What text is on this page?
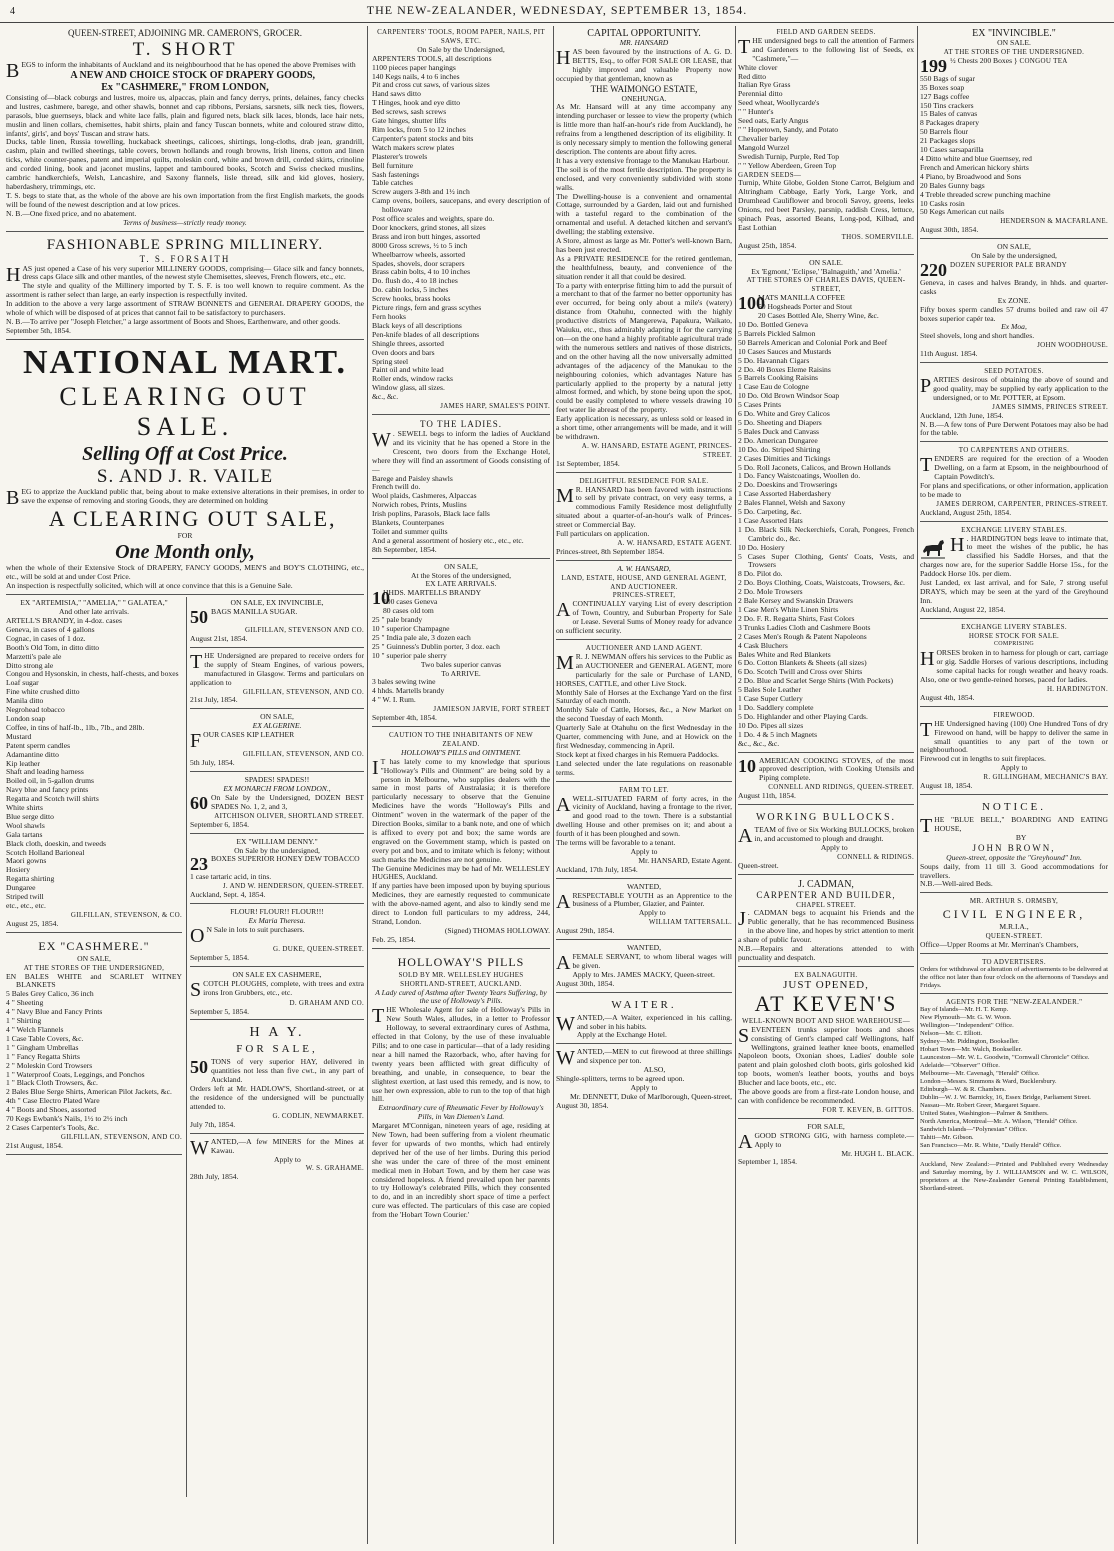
4	THE NEW-ZEALANDER, WEDNESDAY, SEPTEMBER 13, 1854.

QUEEN-STREET, ADJOINING MR. CAMERON'S, GROCER.

T. SHORT

BEGS to inform the inhabitants of Auckland and its neighbourhood that he has opened the above Premises with

A NEW AND CHOICE STOCK OF DRAPERY GOODS,

Ex "CASHMERE," FROM LONDON,

Consisting of—black coburgs and lustres, moire us, alpaccas, plain and fancy derrys, prints, delaines, fancy checks and lustres, cashmere, barege, and other shawls, bonnet and cap ribbons, Persians, sarsnets, silk neck ties, flowers, parasols, blue guernseys, black and white lace falls, plain and figured nets, black silk laces, blonds, lace hair nets, muslin and linen collars, chemisettes, habit shirts, plain and fancy Tuscan bonnets, white and coloured straw ditto, infants', girls', and boys' Tuscan and straw hats.

Ducks, table linen, Russia towelling, huckaback sheetings, calicoes, shirtings, long-cloths, drab jean, grandrill, cashm, plain and twilled sheetings, table covers, brown hollands and rough browns, Irish linens, cotton and linen ticks, white counter-panes, patent and imperial quilts, moleskin cord, white and brown drill, corded skirts, crinoline and corded lining, book and jaconet muslins, lappet and tamboured books, Scotch and Swiss checked muslins, cambric handkerchiefs, Welsh, Lancashire, and Saxony flannels, lisle thread, silk and kid gloves, hosiery, haberdashery, trimmings, etc.

T. S. begs to state that, as the whole of the above are his own importation from the first English markets, the goods will be found of the newest description and at low prices.

N. B.—One fixed price, and no abatement.

Terms of business—strictly ready money.

FASHIONABLE SPRING MILLINERY.

T. S. FORSAITH

HAS just opened a Case of his very superior MILLINERY GOODS, comprising— Glace silk and fancy bonnets, dress caps Glace silk and other mantles, of the newest style Chemisettes, sleeves, French flowers, etc., etc.

The style and quality of the Millinery imported by T. S. F. is too well known to require comment. As the assortment is rather select than large, an early inspection is respectfully invited.

In addition to the above a very large assortment of STRAW BONNETS and GENERAL DRAPERY GOODS, the whole of which will be disposed of at prices that cannot fail to be satisfactory to purchasers.

N. B.—To arrive per "Joseph Fletcher," a large assortment of Boots and Shoes, Earthenware, and other goods.

September 5th, 1854.

NATIONAL MART.

CLEARING OUT SALE.

Selling Off at Cost Price.

S. AND J. R. VAILE

BEG to apprize the Auckland public that, being about to make extensive alterations in their premises, in order to save the expense of removing and storing Goods, they are determined on holding

A CLEARING OUT SALE,

FOR

One Month only,

when the whole of their Extensive Stock of DRAPERY, FANCY GOODS, MEN'S and BOY'S CLOTHING, etc., etc., will be sold at and under Cost Price.

An inspection is respectfully solicited, which will at once convince that this is a Genuine Sale.

EX "ARTEMISIA," "AMELIA," " GALATEA,"

And other late arrivals.

ARTELL'S BRANDY, in 4-doz. cases
Geneva, in cases of 4 gallons
Cognac, in cases of 1 doz.
Booth's Old Tom, in ditto ditto
Marzetti's pale ale
Ditto strong ale
Congou and Hysonskin, in chests, half-chests, and boxes
Loaf sugar
Fine white crushed ditto
Manila ditto
Negrohead tobacco
London soap
Coffee, in tins of half-lb., 1lb., 7lb., and 28lb.
Mustard
Patent sperm candles
Adamantine ditto
Kip leather
Shaft and leading harness
Boiled oil, in 5-gallon drums
Navy blue and fancy prints
Regatta and Scotch twill shirts
White shirts
Blue serge ditto
Wool shawls
Gala tartans
Black cloth, doeskin, and tweeds
Scotch Holland Barioneal
Maori gowns
Hosiery
Regatta shirting
Dungaree
Striped twill
etc., etc., etc.

GILFILLAN, STEVENSON, & CO.

August 25, 1854.

EX "CASHMERE."

ON SALE,

AT THE STORES OF THE UNDERSIGNED,

EN BALES WHITE and SCARLET WITNEY BLANKETS
5 Bales Grey Calico, 36 inch
4 " Sheeting
4 " Navy Blue and Fancy Prints
1 " Shirting
4 " Welch Flannels
1 Case Table Covers, &c.
1 " Gingham Umbrellas
1 " Fancy Regatta Shirts
2 " Moleskin Cord Trowsers
1 " Waterproof Coats, Leggings, and Ponchos
1 " Black Cloth Trowsers, &c.
2 Bales Blue Serge Shirts, American Pilot Jackets, &c.
4th " Case Electro Plated Ware
4 " Boots and Shoes, assorted
70 Kegs Ewbank's Nails, 1½ to 2½ inch
2 Cases Carpenter's Tools, &c.

GILFILLAN, STEVENSON, AND CO.

21st August, 1854.

ON SALE, EX INVINCIBLE,

50 BAGS MANILLA SUGAR.

GILFILLAN, STEVENSON AND CO.

August 21st, 1854.

THE Undersigned are prepared to receive orders for the supply of Steam Engines, of various powers, manufactured in Glasgow. Terms and particulars on application to

GILFILLAN, STEVENSON, AND CO.

21st July, 1854.

ON SALE,

EX ALGERINE.

FOUR CASES KIP LEATHER

GILFILLAN, STEVENSON, AND CO.

5th July, 1854.

SPADES! SPADES!!

EX MONARCH FROM LONDON.,

60 On Sale by the Undersigned, DOZEN BEST SPADES No. 1, 2, and 3,

AITCHISON OLIVER, SHORTLAND STREET.

September 6, 1854.

EX "WILLIAM DENNY."

On Sale by the undersigned,

23 BOXES SUPERIOR HONEY DEW TOBACCO

1 case tartaric acid, in tins.

J. AND W. HENDERSON, QUEEN-STREET.

Auckland, Sept. 4, 1854.

FLOUR! FLOUR!! FLOUR!!!

Ex Maria Theresa.

O N Sale in lots to suit purchasers.

G. DUKE, QUEEN-STREET.

September 5, 1854.

ON SALE EX CASHMERE,

SCOTCH PLOUGHS, complete, with trees and extra irons Iron Grubbers, etc., etc.

D. GRAHAM AND CO.

September 5, 1854.

H A Y.

FOR SALE,

50 TONS of very superior HAY, delivered in quantities not less than five cwt., in any part of Auckland.

Orders left at Mr. HADLOW'S, Shortland-street, or at the residence of the undersigned will be punctually attended to.

G. CODLIN, NEWMARKET.

July 7th, 1854.

WANTED,—A few MINERS for the Mines at Kawau.

Apply to

W. S. GRAHAME.

28th July, 1854.

CARPENTERS' TOOLS, ROOM PAPER, NAILS, PIT SAWS, ETC.

On Sale by the Undersigned,

ARPENTERS TOOLS, all descriptions
1100 pieces paper hangings
140 Kegs nails, 4 to 6 inches
Pit and cross cut saws, of various sizes
Hand saws ditto
T Hinges, hook and eye ditto
Bed screws, sash screws
Gate hinges, shutter lifts
Rim locks, from 5 to 12 inches
Carpenter's patent stocks and bits
Watch makers screw plates
Plasterer's trowels
Bell furniture
Sash fastenings
Table catches
Screw augers 3-8th and 1½ inch
Camp ovens, boilers, saucepans, and every description of holloware
Post office scales and weights, spare do.
Door knockers, grind stones, all sizes
Brass and iron butt hinges, assorted
8000 Gross screws, ½ to 5 inch
Wheelbarrow wheels, assorted
Spades, shovels, door scrapers
Brass cabin bolts, 4 to 10 inches
Do. flush do., 4 to 18 inches
Do. cabin locks, 5 inches
Screw hooks, brass hooks
Picture rings, fern and grass scythes
Fern hooks
Black keys of all descriptions
Pen-knife blades of all descriptions
Shingle threes, assorted
Oven doors and bars
Spring steel
Paint oil and white lead
Roller ends, window racks
Window glass, all sizes.
&c., &c.

JAMES HARP, SMALES'S POINT.

TO THE LADIES.

W . SEWELL begs to inform the ladies of Auckland and its vicinity that he has opened a Store in the Crescent, two doors from the Exchange Hotel, where they will find an assortment of Goods consisting of—

Barege and Paisley shawls
French twill do.
Wool plaids, Cashmeres, Alpaccas
Norwich robes, Prints, Muslins
Irish poplins, Parasols, Black lace falls
Blankets, Counterpanes
Toilet and summer quilts
And a general assortment of hosiery etc., etc., etc.

8th September, 1854.

ON SALE,

At the Stores of the undersigned,

EX LATE ARRIVALS.

10
HHDS. MARTELLS BRANDY
100 cases Geneva
80 cases old tom
25 " pale brandy
10 " superior Champagne
25 " India pale ale, 3 dozen each
25 " Guinness's Dublin porter, 3 doz. each
10 " superior pale sherry

Two bales superior canvas

To ARRIVE.

3 bales sewing twine
4 hhds. Martells brandy
4 " W. I. Rum.

JAMIESON JARVIE, FORT STREET

September 4th, 1854.

CAUTION TO THE INHABITANTS OF NEW ZEALAND.

HOLLOWAY'S PILLS and OINTMENT.

I T has lately come to my knowledge that spurious "Holloway's Pills and Ointment" are being sold by a person in Melbourne, who supplies dealers with the same in most parts of Australasia; it is therefore particularly necessary to observe that the Genuine Medicines have the words "Holloway's Pills and Ointment" woven in the watermark of the paper of the Direction Books, similar to a bank note, and one of which is affixed to every pot and box; the same words are engraved on the Government stamp, which is pasted on every pot and box, and to imitate which is felony; without such marks the Medicines are not genuine.

The Genuine Medicines may be had of Mr. WELLESLEY HUGHES, Auckland.

If any parties have been imposed upon by buying spurious Medicines, they are earnestly requested to communicate with the above-named agent, and also to kindly send me direct to London full particulars to my address, 244, Strand, London.

(Signed) THOMAS HOLLOWAY.

Feb. 25, 1854.

HOLLOWAY'S PILLS

SOLD BY MR. WELLESLEY HUGHES

SHORTLAND-STREET, AUCKLAND.

A Lady cured of Asthma after Twenty Years Suffering, by the use of Holloway's Pills.

THE Wholesale Agent for sale of Holloway's Pills in New South Wales, alludes, in a letter to Professor Holloway, to several extraordinary cures of Asthma, effected in that Colony, by the use of these invaluable Pills; and to one case in particular—that of a lady residing near a hill named the Razorback, who, after having for twenty years been afflicted with great difficulty of breathing, and unable, in consequence, to bear the slightest exertion, at last used this remedy, and is now, to use her own expression, able to run to the top of that high hill.

Extraordinary cure of Rheumatic Fever by Holloway's Pills, in Van Diemen's Land.

Margaret M'Connigan, nineteen years of age, residing at New Town, had been suffering from a violent rheumatic fever for upwards of two months, which had entirely deprived her of the use of her limbs. During this period she was under the care of three of the most eminent medical men in Hobart Town, and by them her case was considered hopeless. A friend prevailed upon her parents to try Holloway's celebrated Pills, which they consented to do, and in an incredibly short space of time a perfect cure was effected. The particulars of this case are copied from the 'Hobart Town Courier.'

CAPITAL OPPORTUNITY.

MR. HANSARD

HAS been favoured by the instructions of A. G. D. BETTS, Esq., to offer FOR SALE OR LEASE, that highly improved and valuable Property now occupied by that gentleman, known as

THE WAIMONGO ESTATE,

ONEHUNGA.

As Mr. Hansard will at any time accompany any intending purchaser or lessee to view the property (which is little more than half-an-hour's ride from Auckland), he refrains from a lengthened description of its eligibility. It is only necessary simply to mention the following general description. The contents are about fifty acres.

It has a very extensive frontage to the Manukau Harbour.

The soil is of the most fertile description. The property is enclosed, and very conveniently subdivided with stone walls.

The Dwelling-house is a convenient and ornamental Cottage, surrounded by a Garden, laid out and furnished with a tasteful regard to the combination of the ornamental and useful. A detached kitchen and servant's dwelling; the stabling extensive.

A Store, almost as large as Mr. Potter's well-known Barn, has been just erected.

As a PRIVATE RESIDENCE for the retired gentleman, the healthfulness, beauty, and convenience of the situation render it all that could be desired.

To a party with enterprise fitting him to add the pursuit of a merchant to that of the farmer no better opportunity has ever occurred, for being only about a mile's (watery) distance from Otahuhu, connected with the highly productive districts of Mangerewa, Papakura, Waikato, Waiuku, etc., thus admirably adapting it for the carrying on—on the one hand a highly profitable agricultural trade with the numerous settlers and natives of those districts, and on the other having all the now universally admitted advantages of the adjacency of the Manukau to the neighbouring colonies, which advantages Nature has particularly applied to the property by a natural jetty almost formed, and which, by stone being upon the spot, could be easily completed to where vessels drawing 10 feet water lie abreast of the property.

Early application is necessary, as unless sold or leased in a short time, other arrangements will be made, and it will be withdrawn.

A. W. HANSARD, ESTATE AGENT, PRINCES-STREET.

1st September, 1854.

DELIGHTFUL RESIDENCE FOR SALE.

M R. HANSARD has been favored with instructions to sell by private contract, on very easy terms, a commodious Family Residence most delightfully situated about a quarter-of-an-hour's walk of Princes-street or Commercial Bay.

Full particulars on application.

A. W. HANSARD, ESTATE AGENT.

Princes-street, 8th September 1854.

A. W. HANSARD,

LAND, ESTATE, HOUSE, AND GENERAL AGENT, AND AUCTIONEER.

PRINCES-STREET,

ACONTINUALLY varying List of every description of Town, Country, and Suburban Property for Sale or Lease. Several Sums of Money ready for advance on sufficient security.

AUCTIONEER AND LAND AGENT.

M R. J. NEWMAN offers his services to the Public as an AUCTIONEER and GENERAL AGENT, more particularly for the sale or Purchase of LAND, HORSES, CATTLE, and other Live Stock.

Monthly Sale of Horses at the Exchange Yard on the first Saturday of each month.

Monthly Sale of Cattle, Horses, &c., a New Market on the second Tuesday of each Month.

Quarterly Sale at Otahuhu on the first Wednesday in the Quarter, commencing with June, and at Howick on the first Wednesday, commencing in April.

Stock kept at fixed charges in his Remuera Paddocks.

Land selected under the late regulations on reasonable terms.

FARM TO LET.

AWELL-SITUATED FARM of forty acres, in the vicinity of Auckland, having a frontage to the river, and good road to the town. There is a substantial dwelling House and other premises on it; and about a fourth of it has been ploughed and sown.

The terms will be favorable to a tenant.

Apply to

Mr. HANSARD, Estate Agent.

Auckland, 17th July, 1854.

WANTED,

ARESPECTABLE YOUTH as an Apprentice to the business of a Plumber, Glazier, and Painter.

Apply to

WILLIAM TATTERSALL.

August 29th, 1854.

WANTED,

AFEMALE SERVANT, to whom liberal wages will be given.

Apply to Mrs. JAMES MACKY, Queen-street.

August 30th, 1854.

WAITER.

WANTED,—A Waiter, experienced in his calling, and sober in his habits.

Apply at the Exchange Hotel.

WANTED,—MEN to cut firewood at three shillings and sixpence per ton.

ALSO,

Shingle-splitters, terms to be agreed upon.

Apply to

Mr. DENNETT, Duke of Marlborough, Queen-street,

August 30, 1854.

FIELD AND GARDEN SEEDS.

THE undersigned begs to call the attention of Farmers and Gardeners to the following list of Seeds, ex "Cashmere,"—

White clover
Red ditto
Italian Rye Grass
Perennial ditto
Seed wheat, Woollycarde's
" " Hunter's
Seed oats, Early Angus
" " Hopetown, Sandy, and Potato
Chevalier barley
Mangold Wurzel
Swedish Turnip, Purple, Red Top
" " Yellow Aberdeen, Green Top

GARDEN SEEDS—

Turnip, White Globe, Golden Stone Carrot, Belgium and Altringham Cabbage, Early York, Large York, and Drumhead Cauliflower and brocoli Savoy, greens, leeks Onions, red beet Parsley, parsnip, raddish Cress, lettuce, spinach Peas, assorted Beans, Long-pod, Kilbad, and East Lothian

THOS. SOMERVILLE.

August 25th, 1854.

ON SALE.

Ex 'Egmont,' 'Eclipse,' 'Balnaguith,' and 'Amelia.'

AT THE STORES OF CHARLES DAVIS, QUEEN-STREET,

100
MATS MANILLA COFFEE
50 Hogsheads Porter and Stout
20 Cases Bottled Ale, Sherry Wine, &c.
10 Do. Bottled Geneva
5 Barrels Pickled Salmon
50 Barrels American and Colonial Pork and Beef
10 Cases Sauces and Mustards
5 Do. Havannah Cigars
2 Do. 40 Boxes Eleme Raisins
5 Barrels Cooking Raisins
1 Case Eau de Cologne
10 Do. Old Brown Windsor Soap
5 Cases Prints
6 Do. White and Grey Calicos
5 Do. Sheeting and Diapers
5 Bales Duck and Canvass
2 Do. American Dungaree
10 Do. do. Striped Shirting
2 Cases Dimities and Tickings
5 Do. Roll Jaconets, Calicos, and Brown Hollands
1 Do. Fancy Waistcoatings, Woollen do.
2 Do. Doeskins and Trowserings
1 Case Assorted Haberdashery
2 Bales Flannel, Welsh and Saxony
5 Do. Carpeting, &c.
1 Case Assorted Hats
1 Do. Black Silk Neckerchiefs, Corah, Pongees, French Cambric do., &c.
10 Do. Hosiery
5 Cases Super Clothing, Gents' Coats, Vests, and Trowsers
8 Do. Pilot do.
2 Do. Boys Clothing, Coats, Waistcoats, Trowsers, &c.
2 Do. Mole Trowsers
2 Bale Kersey and Swanskin Drawers
1 Case Men's White Linen Shirts
2 Do. F. R. Regatta Shirts, Fast Colors
3 Trunks Ladies Cloth and Cashmere Boots
2 Cases Men's Rough & Patent Napoleons
4 Cask Bluchers
Bales White and Red Blankets
6 Do. Cotton Blankets & Sheets (all sizes)
6 Do. Scotch Twill and Cross over Shirts
2 Do. Blue and Scarlet Serge Shirts (With Pockets)
5 Bales Sole Leather
1 Case Super Cutlery
1 Do. Saddlery complete
5 Do. Highlander and other Playing Cards.
10 Do. Pipes all sizes
1 Do. 4 & 5 inch Magnets
&c., &c., &c.

10 AMERICAN COOKING STOVES, of the most approved description, with Cooking Utensils and Piping complete.

CONNELL AND RIDINGS, QUEEN-STREET.

August 11th, 1854.

WORKING BULLOCKS.

ATEAM of five or Six Working BULLOCKS, broken in, and accustomed to plough and draught.

Apply to

CONNELL & RIDINGS.

Queen-street.

J. CADMAN,

CARPENTER AND BUILDER,

CHAPEL STREET.

J . CADMAN begs to acquaint his Friends and the Public generally, that he has recommenced Business in the above line, and hopes by strict attention to merit a share of public favour.

N.B.—Repairs and alterations attended to with punctuality and despatch.

EX BALNAGUITH.

JUST OPENED,

AT KEVEN'S

WELL-KNOWN BOOT AND SHOE WAREHOUSE—

SEVENTEEN trunks superior boots and shoes consisting of Gent's clamped calf Wellingtons, half Wellingtons, grained leather knee boots, enamelled Napoleon boots, Oxonian shoes, Ladies' double sole patent and plain goloshed cloth boots, girls goloshed kid top boots, women's leather boots, youths and boys Blucher and lace boots, etc., etc.

The above goods are from a first-rate London house, and can with confidence be recommended.

FOR T. KEVEN, B. GITTOS.

FOR SALE,

AGOOD STRONG GIG, with harness complete.—Apply to

Mr. HUGH L. BLACK.

September 1, 1854.

EX "INVINCIBLE."

ON SALE.

AT THE STORES OF THE UNDERSIGNED.

199 ½ Chests 200 Boxes } CONGOU TEA

550 Bags of sugar
35 Boxes soap
127 Bags coffee
150 Tins crackers
15 Bales of canvas
8 Packages drapery
50 Barrels flour
21 Packages slops
10 Cases sarsaparilla
4 Ditto white and blue Guernsey, red
French and American hickory shirts
4 Piano, by Broadwood and Sons
20 Bales Gunny bags
4 Treble threaded screw punching machine
10 Casks rosin
50 Kegs American cut nails

HENDERSON & MACFARLANE.

August 30th, 1854.

ON SALE,

On Sale by the undersigned,

220 DOZEN SUPERIOR PALE BRANDY

Geneva, in cases and halves Brandy, in hhds. and quarter-casks

Ex ZONE.

Fifty boxes sperm candles 57 drums boiled and raw oil 47 boxes superior capér tea.

Ex Moa,

Steel shovels, long and short handles.

JOHN WOODHOUSE.

11th August. 1854.

SEED POTATOES.

PARTIES desirous of obtaining the above of sound and good quality, may be supplied by early application to the undersigned, or to Mr. POTTER, at Epsom.

JAMES SIMMS, PRINCES STREET.

Auckland, 12th June, 1854.

N. B.—A few tons of Pure Derwent Potatoes may also be had for the table.

TO CARPENTERS AND OTHERS.

TENDERS are required for the erection of a Wooden Dwelling, on a farm at Epsom, in the neighbourhood of Captain Powditch's.

For plans and specifications, or other information, application to be made to

JAMES DERROM, CARPENTER, PRINCES-STREET.

Auckland, August 25th, 1854.

EXCHANGE LIVERY STABLES.

H . HARDINGTON begs leave to intimate that, to meet the wishes of the public, he has classified his Saddle Horses, and that the charges now are, for the superior Saddle Horse 15s., for the Paddock Horse 10s. per diem.

Just Landed, ex last arrival, and for Sale, 7 strong useful DRAYS, which may be seen at the yard of the Greyhound Inn.

Auckland, August 22, 1854.

EXCHANGE LIVERY STABLES.

HORSE STOCK FOR SALE.

COMPRISING

HORSES broken in to harness for plough or cart, carriage or gig. Saddle Horses of various descriptions, including some capital hacks for rough weather and heavy roads. Also, one or two gentle-reined horses, paced for ladies.

H. HARDINGTON.

August 4th, 1854.

FIREWOOD.

THE Undersigned having (100) One Hundred Tons of dry Firewood on hand, will be happy to deliver the same in small quantities to any part of the town or neighbourhood.

Firewood cut in lengths to suit fireplaces.

Apply to

R. GILLINGHAM, MECHANIC'S BAY.

August 18, 1854.

NOTICE.

THE "BLUE BELL," BOARDING AND EATING HOUSE,

BY

JOHN BROWN,

Queen-street, opposite the "Greyhound" Inn.

Soups daily, from 11 till 3. Good accommodations for travellers.

N.B.—Well-aired Beds.

MR. ARTHUR S. ORMSBY,

CIVIL ENGINEER,

M.R.I.A.,

QUEEN-STREET.

Office—Upper Rooms at Mr. Merrinan's Chambers,

TO ADVERTISERS.

Orders for withdrawal or alteration of advertisements to be delivered at the office not later than four o'clock on the afternoons of Tuesdays and Fridays.

AGENTS FOR THE "NEW-ZEALANDER."

Bay of Islands—Mr. H. T. Kemp.
New Plymouth—Mr. G. W. Woon.
Wellington—"Independent" Office.
Nelson—Mr. C. Elliott.
Sydney—Mr. Piddington, Bookseller.
Hobart Town—Mr. Walch, Bookseller.
Launceston—Mr. W. L. Goodwin, "Cornwall Chronicle" Office.
Adelaide—"Observer" Office.
Melbourne—Mr. Cavenagh, "Herald" Office.
London—Messrs. Simmons & Ward, Bucklersbury.
Edinburgh—W. & R. Chambers.
Dublin—W. J. W. Barnicky, 16, Essex Bridge, Parliament Street.
Nassau—Mr. Robert Greer, Margaret Square.
United States, Washington—Palmer & Smithers.
North America, Montreal—Mr. A. Wilson, "Herald" Office.
Sandwich Islands—"Polynesian" Office.
Tahiti—Mr. Gibson.
San Francisco—Mr. R. White, "Daily Herald" Office.

Auckland, New Zealand:—Printed and Published every Wednesday and Saturday morning, by J. WILLIAMSON and W. C. WILSON, proprietors at the New-Zealander General Printing Establishment, Shortland-street.
